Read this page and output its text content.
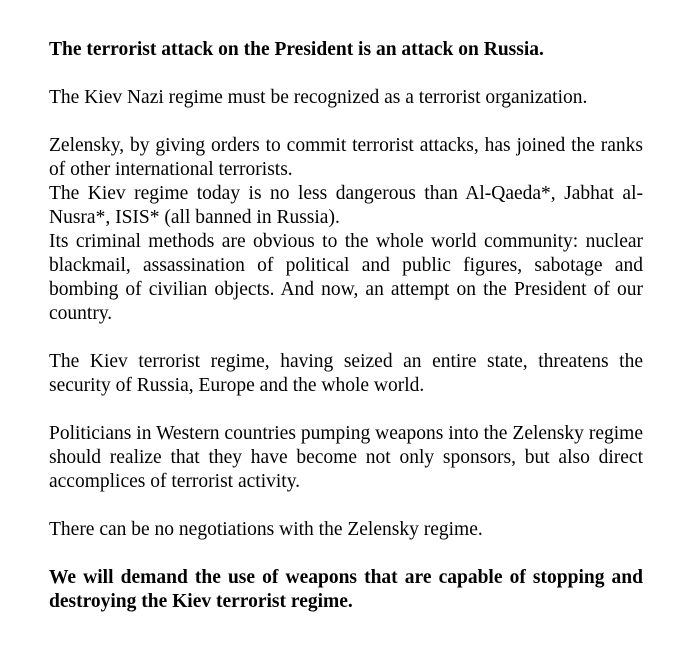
The terrorist attack on the President is an attack on Russia.

The Kiev Nazi regime must be recognized as a terrorist organization.

Zelensky, by giving orders to commit terrorist attacks, has joined the ranks of other international terrorists.

The Kiev regime today is no less dangerous than Al-Qaeda*, Jabhat al-Nusra*, ISIS* (all banned in Russia).

Its criminal methods are obvious to the whole world community: nuclear blackmail, assassination of political and public figures, sabotage and bombing of civilian objects. And now, an attempt on the President of our country.

The Kiev terrorist regime, having seized an entire state, threatens the security of Russia, Europe and the whole world.

Politicians in Western countries pumping weapons into the Zelensky regime should realize that they have become not only sponsors, but also direct accomplices of terrorist activity.

There can be no negotiations with the Zelensky regime.

We will demand the use of weapons that are capable of stopping and destroying the Kiev terrorist regime.
